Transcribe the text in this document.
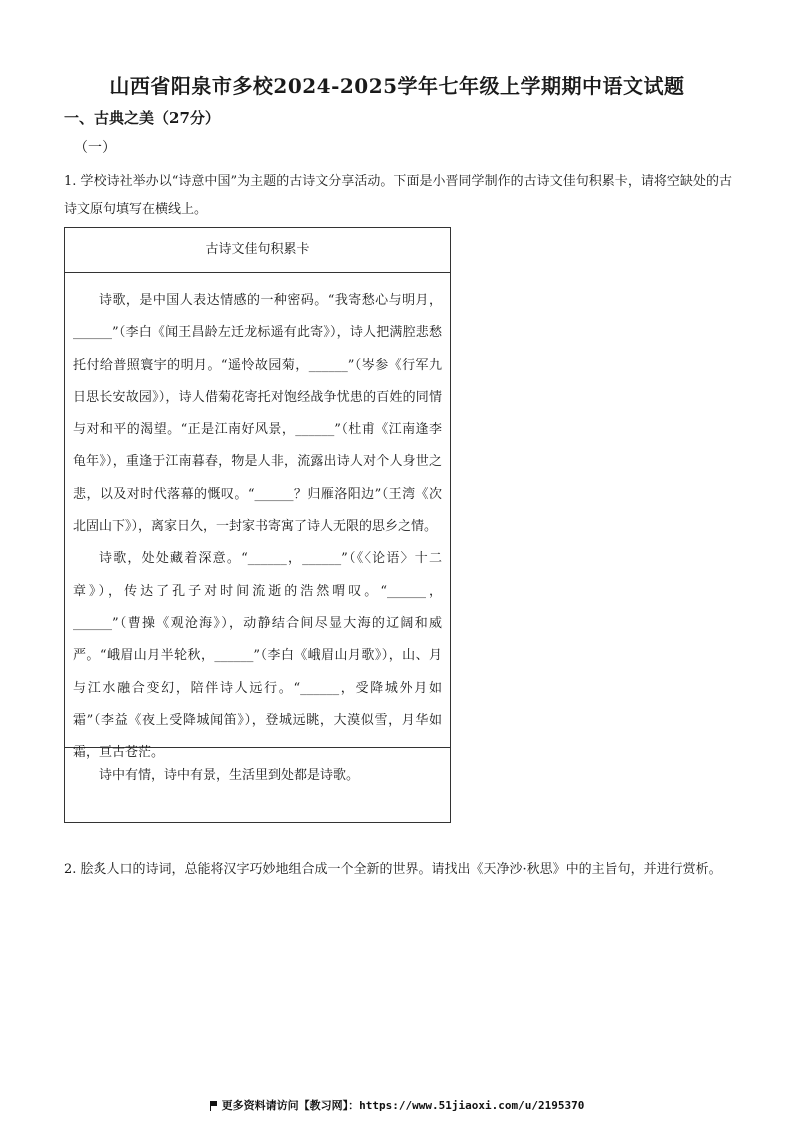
山西省阳泉市多校2024-2025学年七年级上学期期中语文试题
一、古典之美（27分）
（一）
1. 学校诗社举办以“诗意中国”为主题的古诗文分享活动。下面是小晋同学制作的古诗文佳句积累卡，请将空缺处的古诗文原句填写在横线上。
古诗文佳句积累卡

诗歌，是中国人表达情感的一种密码。“我寄愁心与明月，______”（李白《闻王昌龄左迁龙标遥有此寄》），诗人把满腔悲愁托付给普照寰宇的明月。“遥怜故园菊，______”（岑参《行军九日思长安故园》），诗人借菊花寄托对饱经战争忧患的百姓的同情与对和平的渴望。“正是江南好风景，______”（杜甫《江南逢李龟年》），重逢于江南暮春，物是人非，流露出诗人对个人身世之悲，以及对时代落幕的慨叹。“______？归雁洛阳边”（王湾《次北固山下》），离家日久，一封家书寄寓了诗人无限的思乡之情。

诗歌，处处藏着深意。“______，______”（《〈论语〉十二章》），传达了孔子对时间流逝的浩然喟叹。“______，______”（曹操《观沧海》），动静结合间尽显大海的辽阔和威严。“峨眉山月半轮秋，______”（李白《峨眉山月歌》），山、月与江水融合变幻，陪伴诗人远行。“______，受降城外月如霜”（李益《夜上受降城闻笛》），登城远眺，大漠似雪，月华如霜，亘古苍茫。

诗中有情，诗中有景，生活里到处都是诗歌。
2. 脍炙人口的诗词，总能将汉字巧妙地组合成一个全新的世界。请找出《天净沙·秋思》中的主旨句，并进行赏析。
更多资料请访问【教习网】：https://www.51jiaoxi.com/u/2195370
